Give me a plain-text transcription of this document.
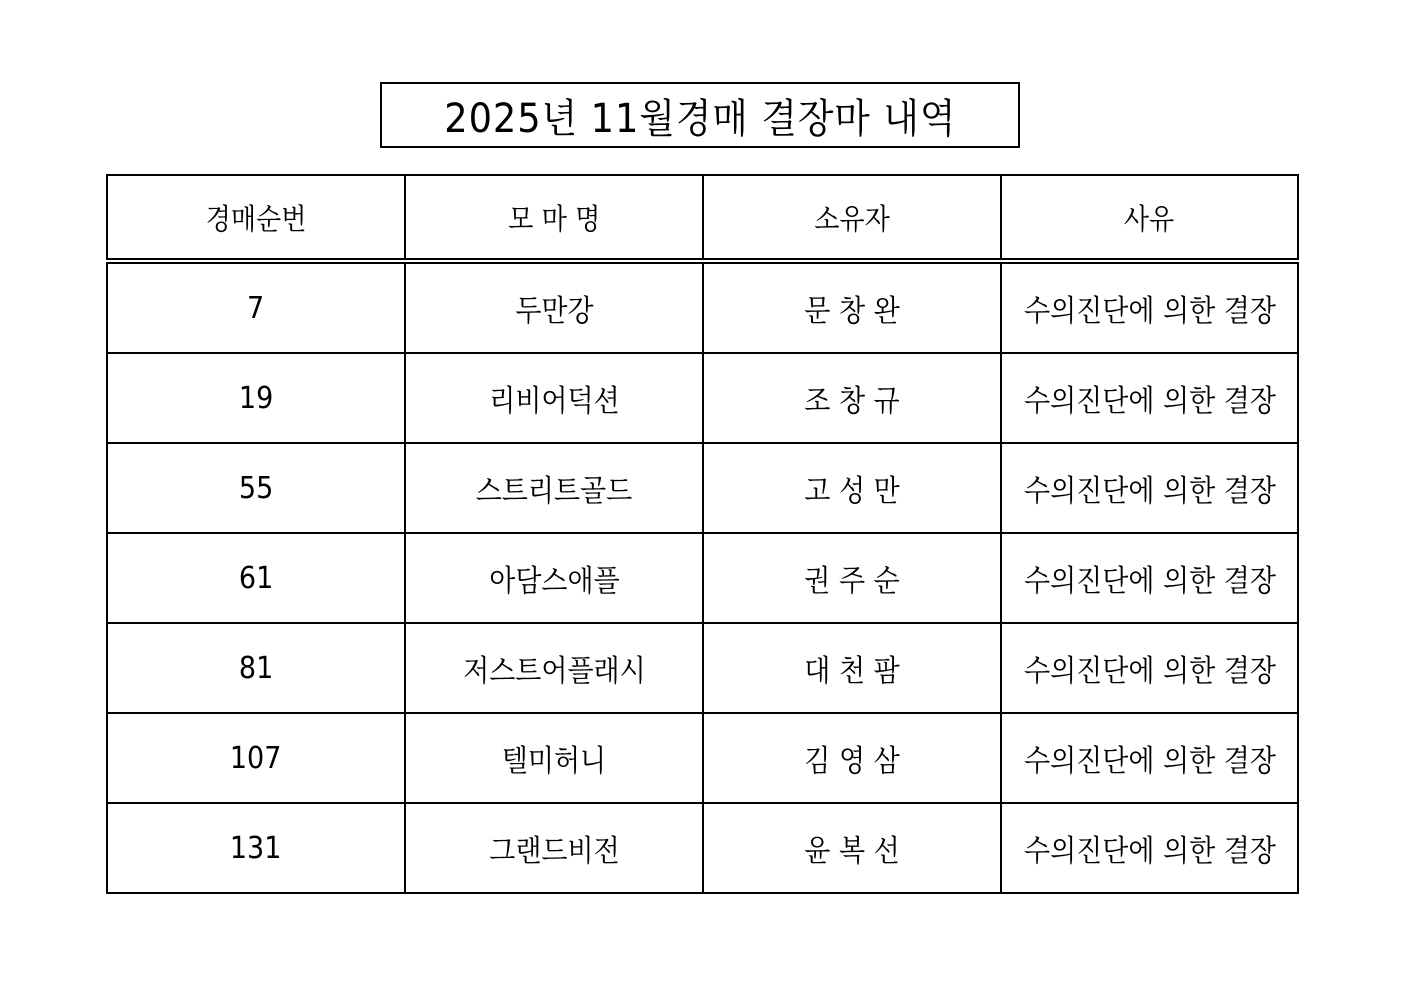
2025년 11월경매 결장마 내역
경매순번	모 마 명	소유자	사유
7	두만강	문 창 완	수의진단에 의한 결장
19	리비어덕션	조 창 규	수의진단에 의한 결장
55	스트리트골드	고 성 만	수의진단에 의한 결장
61	아담스애플	권 주 순	수의진단에 의한 결장
81	저스트어플래시	대 천 팜	수의진단에 의한 결장
107	텔미허니	김 영 삼	수의진단에 의한 결장
131	그랜드비전	윤 복 선	수의진단에 의한 결장
